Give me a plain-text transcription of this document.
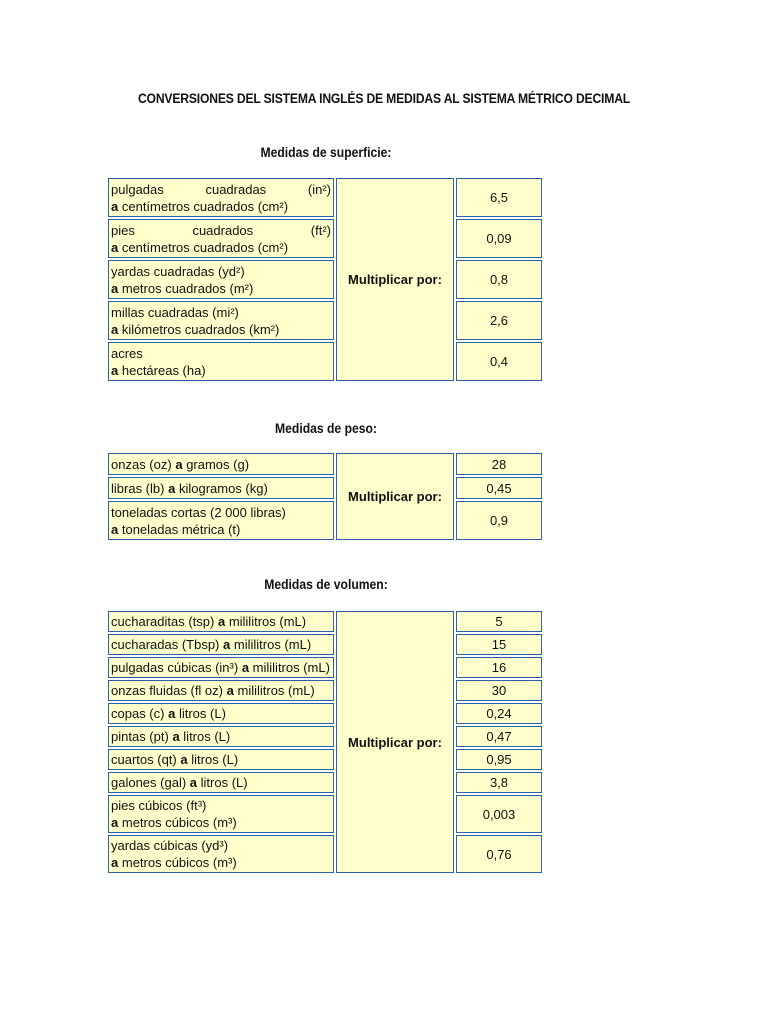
CONVERSIONES DEL SISTEMA INGLÉS DE MEDIDAS AL SISTEMA MÉTRICO DECIMAL
Medidas de superficie:
pulgadas cuadradas (in²)
a centímetros cuadrados (cm²)	Multiplicar por:	6,5

pies cuadrados (ft²)
a centímetros cuadrados (cm²)		0,09

yardas cuadradas (yd²)
a metros cuadrados (m²)		0,8

millas cuadradas (mi²)
a kilómetros cuadrados (km²)		2,6

acres
a hectáreas (ha)		0,4
Medidas de peso:
onzas (oz) a gramos (g)	Multiplicar por:	28
libras (lb) a kilogramos (kg)		0,45

toneladas cortas (2 000 libras)
a toneladas métrica (t)		0,9
Medidas de volumen:
cucharaditas (tsp) a mililitros (mL)	Multiplicar por:	5
cucharadas (Tbsp) a mililitros (mL)		15
pulgadas cúbicas (in³) a mililitros (mL)		16
onzas fluidas (fl oz) a mililitros (mL)		30
copas (c) a litros (L)		0,24
pintas (pt) a litros (L)		0,47
cuartos (qt) a litros (L)		0,95
galones (gal) a litros (L)		3,8

pies cúbicos (ft³)
a metros cúbicos (m³)		0,003

yardas cúbicas (yd³)
a metros cúbicos (m³)		0,76
